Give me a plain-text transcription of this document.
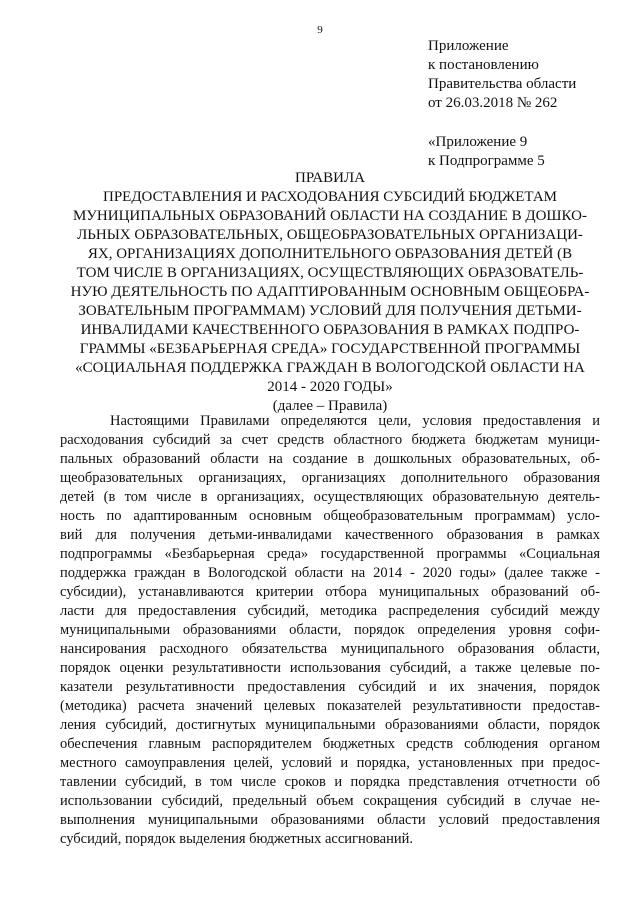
9
Приложение
к постановлению
Правительства области
от 26.03.2018 № 262
«Приложение 9
к Подпрограмме 5
ПРАВИЛА
ПРЕДОСТАВЛЕНИЯ И РАСХОДОВАНИЯ СУБСИДИЙ БЮДЖЕТАМ
МУНИЦИПАЛЬНЫХ ОБРАЗОВАНИЙ ОБЛАСТИ НА СОЗДАНИЕ В ДОШКО-
ЛЬНЫХ ОБРАЗОВАТЕЛЬНЫХ, ОБЩЕОБРАЗОВАТЕЛЬНЫХ ОРГАНИЗАЦИ-
ЯХ, ОРГАНИЗАЦИЯХ ДОПОЛНИТЕЛЬНОГО ОБРАЗОВАНИЯ ДЕТЕЙ (В
ТОМ ЧИСЛЕ В ОРГАНИЗАЦИЯХ, ОСУЩЕСТВЛЯЮЩИХ ОБРАЗОВАТЕЛЬ-
НУЮ ДЕЯТЕЛЬНОСТЬ ПО АДАПТИРОВАННЫМ ОСНОВНЫМ ОБЩЕОБРА-
ЗОВАТЕЛЬНЫМ ПРОГРАММАМ) УСЛОВИЙ ДЛЯ ПОЛУЧЕНИЯ ДЕТЬМИ-
ИНВАЛИДАМИ КАЧЕСТВЕННОГО ОБРАЗОВАНИЯ В РАМКАХ ПОДПРО-
ГРАММЫ «БЕЗБАРЬЕРНАЯ СРЕДА» ГОСУДАРСТВЕННОЙ ПРОГРАММЫ
«СОЦИАЛЬНАЯ ПОДДЕРЖКА ГРАЖДАН В ВОЛОГОДСКОЙ ОБЛАСТИ НА
2014 - 2020 ГОДЫ»
(далее – Правила)
Настоящими Правилами определяются цели, условия предоставления и
расходования субсидий за счет средств областного бюджета бюджетам муници-
пальных образований области на создание в дошкольных образовательных, об-
щеобразовательных организациях, организациях дополнительного образования
детей (в том числе в организациях, осуществляющих образовательную деятель-
ность по адаптированным основным общеобразовательным программам) усло-
вий для получения детьми-инвалидами качественного образования в рамках
подпрограммы «Безбарьерная среда» государственной программы «Социальная
поддержка граждан в Вологодской области на 2014 - 2020 годы» (далее также -
субсидии), устанавливаются критерии отбора муниципальных образований об-
ласти для предоставления субсидий, методика распределения субсидий между
муниципальными образованиями области, порядок определения уровня софи-
нансирования расходного обязательства муниципального образования области,
порядок оценки результативности использования субсидий, а также целевые по-
казатели результативности предоставления субсидий и их значения, порядок
(методика) расчета значений целевых показателей результативности предостав-
ления субсидий, достигнутых муниципальными образованиями области, порядок
обеспечения главным распорядителем бюджетных средств соблюдения органом
местного самоуправления целей, условий и порядка, установленных при предос-
тавлении субсидий, в том числе сроков и порядка представления отчетности об
использовании субсидий, предельный объем сокращения субсидий в случае не-
выполнения муниципальными образованиями области условий предоставления
субсидий, порядок выделения бюджетных ассигнований.
